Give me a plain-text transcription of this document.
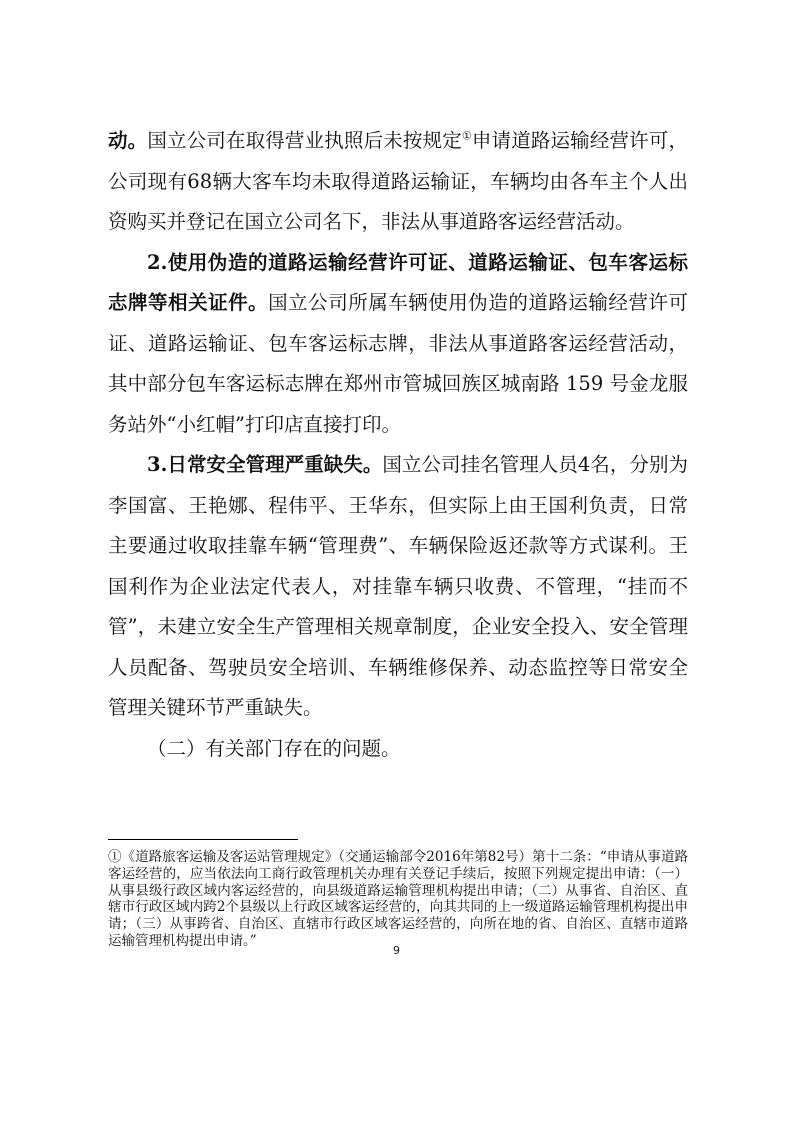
动。国立公司在取得营业执照后未按规定①申请道路运输经营许可，公司现有68辆大客车均未取得道路运输证，车辆均由各车主个人出资购买并登记在国立公司名下，非法从事道路客运经营活动。

2.使用伪造的道路运输经营许可证、道路运输证、包车客运标志牌等相关证件。国立公司所属车辆使用伪造的道路运输经营许可证、道路运输证、包车客运标志牌，非法从事道路客运经营活动，其中部分包车客运标志牌在郑州市管城回族区城南路 159 号金龙服务站外“小红帽”打印店直接打印。

3.日常安全管理严重缺失。国立公司挂名管理人员4名，分别为李国富、王艳娜、程伟平、王华东，但实际上由王国利负责，日常主要通过收取挂靠车辆“管理费”、车辆保险返还款等方式谋利。王国利作为企业法定代表人，对挂靠车辆只收费、不管理，“挂而不管”，未建立安全生产管理相关规章制度，企业安全投入、安全管理人员配备、驾驶员安全培训、车辆维修保养、动态监控等日常安全管理关键环节严重缺失。

（二）有关部门存在的问题。

①《道路旅客运输及客运站管理规定》（交通运输部令2016年第82号）第十二条：“申请从事道路客运经营的，应当依法向工商行政管理机关办理有关登记手续后，按照下列规定提出申请：（一）从事县级行政区域内客运经营的，向县级道路运输管理机构提出申请；（二）从事省、自治区、直辖市行政区域内跨2个县级以上行政区域客运经营的，向其共同的上一级道路运输管理机构提出申请；（三）从事跨省、自治区、直辖市行政区域客运经营的，向所在地的省、自治区、直辖市道路运输管理机构提出申请。”

9
